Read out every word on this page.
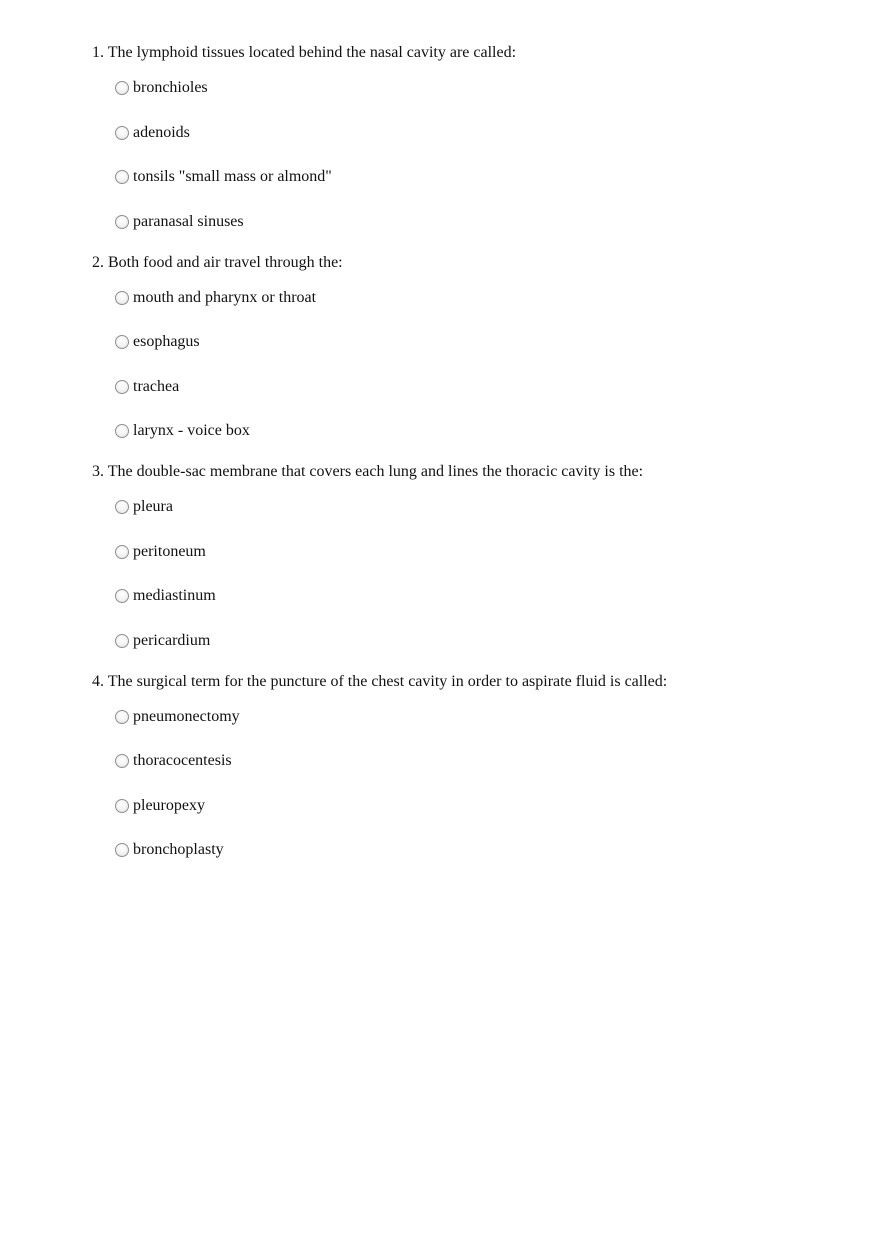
1. The lymphoid tissues located behind the nasal cavity are called:

bronchioles
adenoids
tonsils "small mass or almond"
paranasal sinuses

2. Both food and air travel through the:

mouth and pharynx or throat
esophagus
trachea
larynx - voice box

3. The double-sac membrane that covers each lung and lines the thoracic cavity is the:

pleura
peritoneum
mediastinum
pericardium

4. The surgical term for the puncture of the chest cavity in order to aspirate fluid is called:

pneumonectomy
thoracocentesis
pleuropexy
bronchoplasty
